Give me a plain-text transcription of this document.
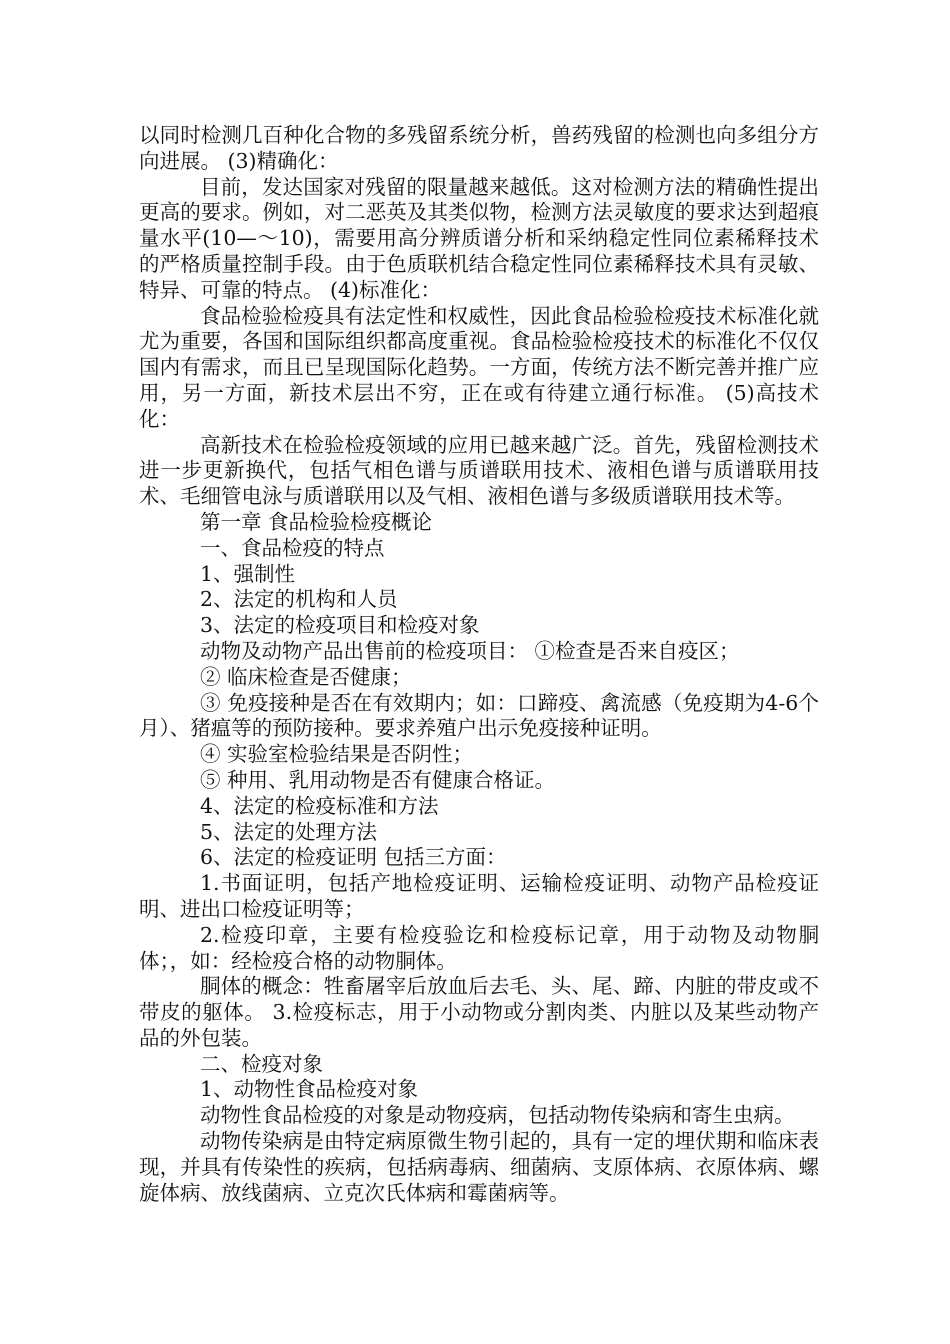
以同时检测几百种化合物的多残留系统分析，兽药残留的检测也向多组分方向进展。 (3)精确化：

目前，发达国家对残留的限量越来越低。这对检测方法的精确性提出更高的要求。例如，对二恶英及其类似物，检测方法灵敏度的要求达到超痕量水平(10—～10)，需要用高分辨质谱分析和采纳稳定性同位素稀释技术的严格质量控制手段。由于色质联机结合稳定性同位素稀释技术具有灵敏、特异、可靠的特点。 (4)标准化：

食品检验检疫具有法定性和权威性，因此食品检验检疫技术标准化就尤为重要，各国和国际组织都高度重视。食品检验检疫技术的标准化不仅仅国内有需求，而且已呈现国际化趋势。一方面，传统方法不断完善并推广应用，另一方面，新技术层出不穷，正在或有待建立通行标准。 (5)高技术化：

高新技术在检验检疫领域的应用已越来越广泛。首先，残留检测技术进一步更新换代，包括气相色谱与质谱联用技术、液相色谱与质谱联用技术、毛细管电泳与质谱联用以及气相、液相色谱与多级质谱联用技术等。

第一章 食品检验检疫概论

一、食品检疫的特点

1、强制性

2、法定的机构和人员

3、法定的检疫项目和检疫对象

动物及动物产品出售前的检疫项目： ①检查是否来自疫区；

② 临床检查是否健康；

③ 免疫接种是否在有效期内；如：口蹄疫、禽流感（免疫期为4-6个月）、猪瘟等的预防接种。要求养殖户出示免疫接种证明。

④ 实验室检验结果是否阴性；

⑤ 种用、乳用动物是否有健康合格证。

4、法定的检疫标准和方法

5、法定的处理方法

6、法定的检疫证明 包括三方面：

1.书面证明，包括产地检疫证明、运输检疫证明、动物产品检疫证明、进出口检疫证明等；

2.检疫印章，主要有检疫验讫和检疫标记章，用于动物及动物胴体；，如：经检疫合格的动物胴体。

胴体的概念：牲畜屠宰后放血后去毛、头、尾、蹄、内脏的带皮或不带皮的躯体。 3.检疫标志，用于小动物或分割肉类、内脏以及某些动物产品的外包装。

二、检疫对象

1、动物性食品检疫对象

动物性食品检疫的对象是动物疫病，包括动物传染病和寄生虫病。

动物传染病是由特定病原微生物引起的，具有一定的埋伏期和临床表现，并具有传染性的疾病，包括病毒病、细菌病、支原体病、衣原体病、螺旋体病、放线菌病、立克次氏体病和霉菌病等。
